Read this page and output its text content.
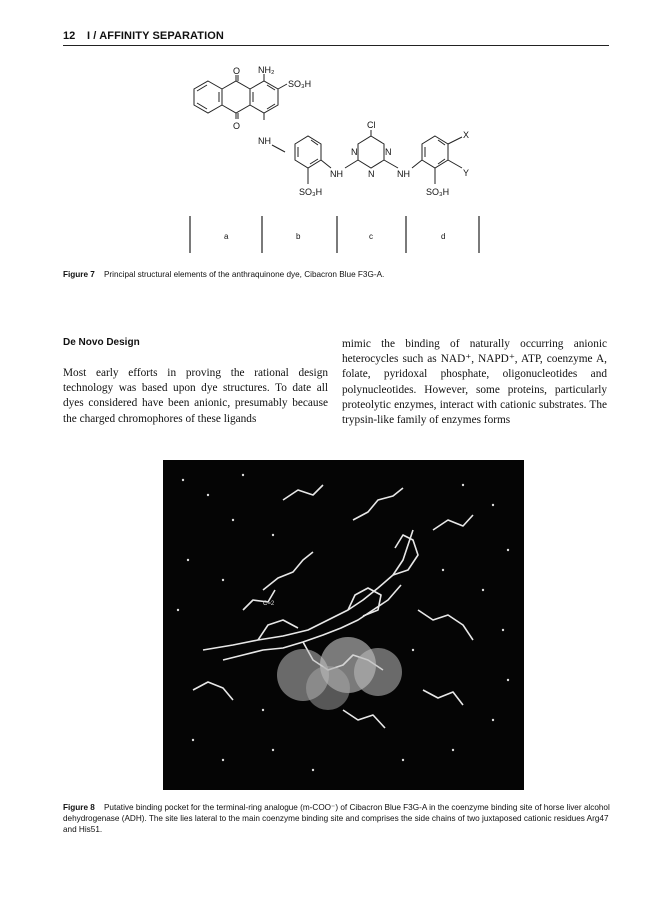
12 I / AFFINITY SEPARATION
O
O
NH₂
SO₃H
NH
SO₃H
NH
Cl
N	N
N	NH
X
Y
SO₃H
a	b	c	d
Figure 7 Principal structural elements of the anthraquinone dye, Cibacron Blue F3G-A.
De Novo Design

Most early efforts in proving the rational design technology was based upon dye structures. To date all dyes considered have been anionic, presumably because the charged chromophores of these ligands

mimic the binding of naturally occurring anionic heterocycles such as NAD⁺, NAPD⁺, ATP, coenzyme A, folate, pyridoxal phosphate, oligonucleotides and polynucleotides. However, some proteins, particularly proteolytic enzymes, interact with cationic substrates. The trypsin-like family of enzymes forms

C=2
Figure 8 Putative binding pocket for the terminal-ring analogue (m-COO⁻) of Cibacron Blue F3G-A in the coenzyme binding site of horse liver alcohol dehydrogenase (ADH). The site lies lateral to the main coenzyme binding site and comprises the side chains of two juxtaposed cationic residues Arg47 and His51.
